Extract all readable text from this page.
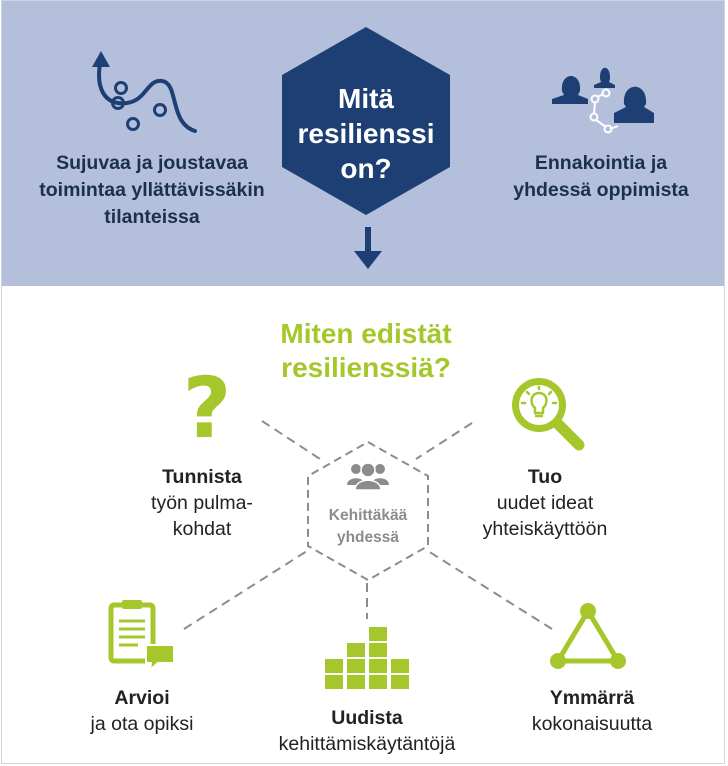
Mitä
resilienssi
on?
Sujuvaa ja joustavaa
toimintaa yllättävissäkin
tilanteissa
Ennakointia ja
yhdessä oppimista
Miten edistät
resilienssiä?
Kehittäkää
yhdessä
?
Tunnista
työn pulma-
kohdat
Tuo
uudet ideat
yhteiskäyttöön
Arvioi
ja ota opiksi	Uudista
kehittämiskäytäntöjä
Ymmärrä
kokonaisuutta
